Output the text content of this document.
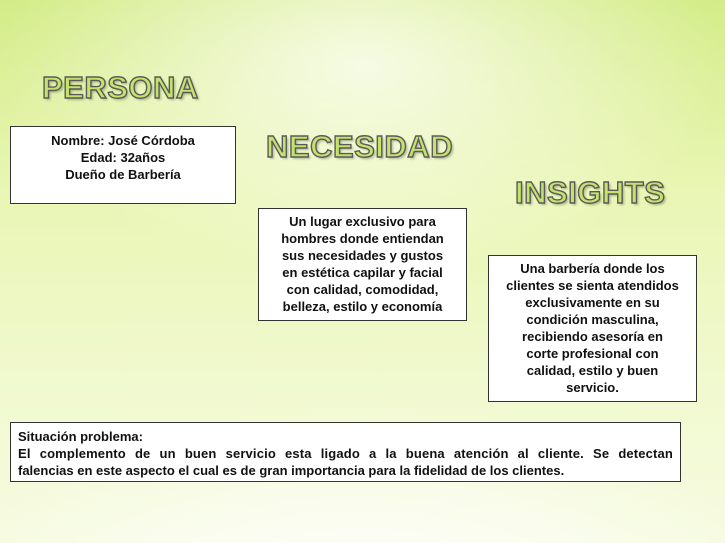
PERSONA
NECESIDAD
INSIGHTS
Nombre: José Córdoba
Edad: 32años
Dueño de Barbería
Un lugar exclusivo para
hombres donde entiendan
sus necesidades y gustos
en estética capilar y facial
con calidad, comodidad,
belleza, estilo y economía
Una barbería donde los
clientes se sienta atendidos
exclusivamente en su
condición masculina,
recibiendo asesoría en
corte profesional con
calidad, estilo y buen
servicio.
Situación problema:
El complemento de un buen servicio esta ligado a la buena atención al cliente. Se detectan
falencias en este aspecto el cual es de gran importancia para la fidelidad de los clientes.
